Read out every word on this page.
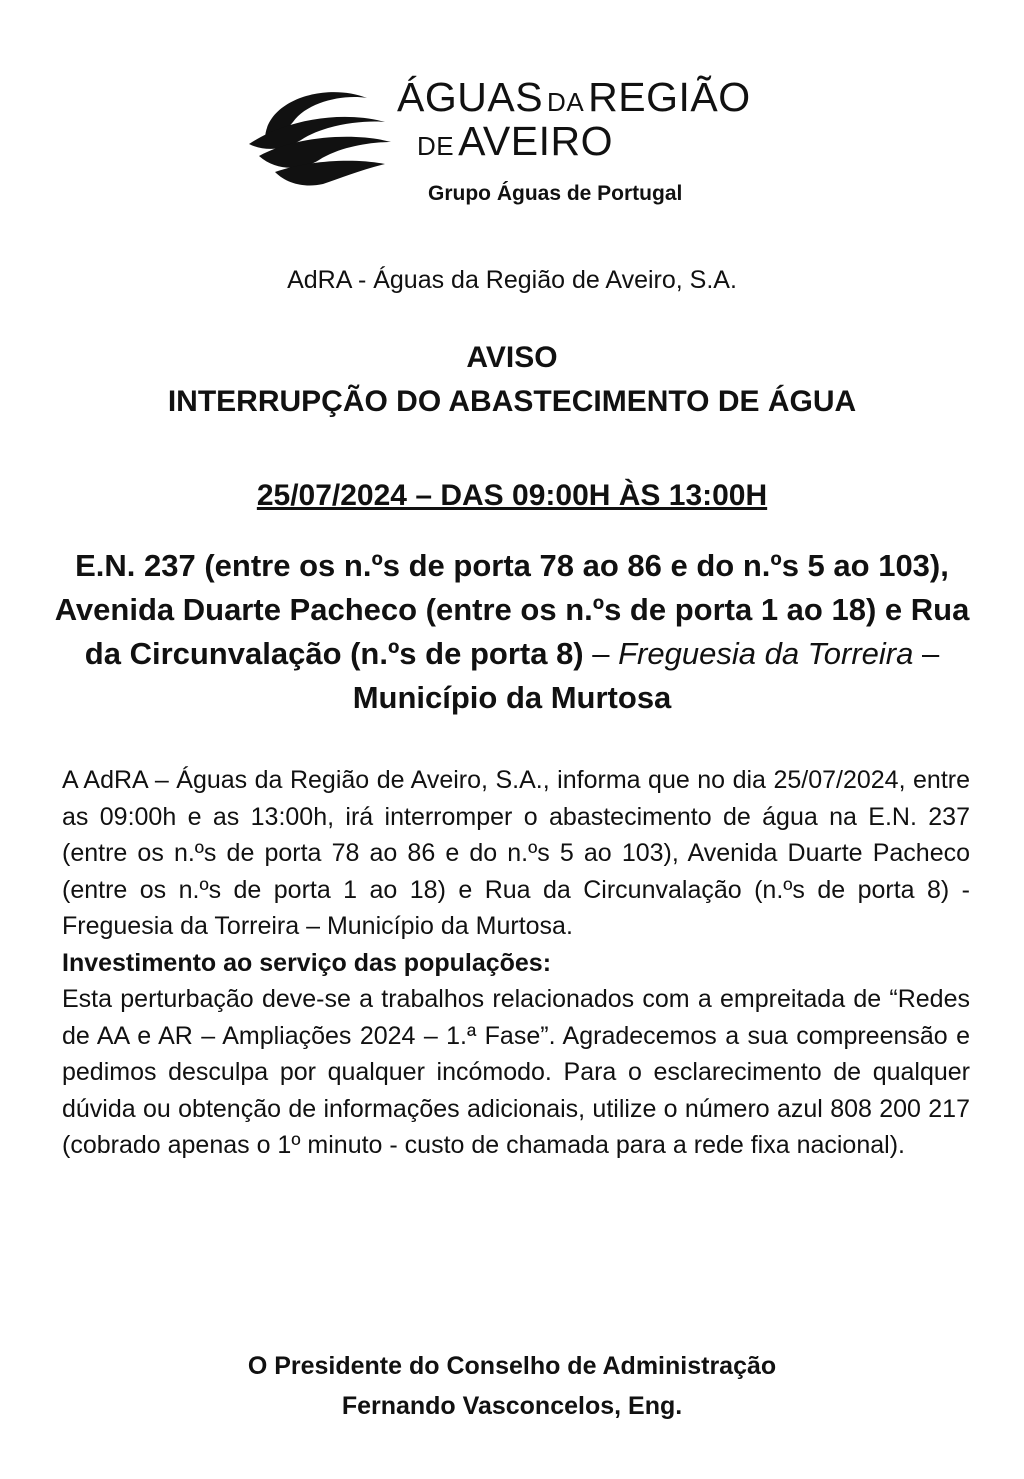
ÁGUAS DAREGIÃO
DEAVEIRO
Grupo Águas de Portugal
AdRA - Águas da Região de Aveiro, S.A.
AVISO
INTERRUPÇÃO DO ABASTECIMENTO DE ÁGUA
25/07/2024 – DAS 09:00H ÀS 13:00H
E.N. 237 (entre os n.ºs de porta 78 ao 86 e do n.ºs 5 ao 103), Avenida Duarte Pacheco (entre os n.ºs de porta 1 ao 18) e Rua da Circunvalação (n.ºs de porta 8) – Freguesia da Torreira – Município da Murtosa

A AdRA – Águas da Região de Aveiro, S.A., informa que no dia 25/07/2024, entre as 09:00h e as 13:00h, irá interromper o abastecimento de água na E.N. 237 (entre os n.ºs de porta 78 ao 86 e do n.ºs 5 ao 103), Avenida Duarte Pacheco (entre os n.ºs de porta 1 ao 18) e Rua da Circunvalação (n.ºs de porta 8) - Freguesia da Torreira – Município da Murtosa.

Investimento ao serviço das populações:

Esta perturbação deve-se a trabalhos relacionados com a empreitada de “Redes de AA e AR – Ampliações 2024 – 1.ª Fase”. Agradecemos a sua compreensão e pedimos desculpa por qualquer incómodo. Para o esclarecimento de qualquer dúvida ou obtenção de informações adicionais, utilize o número azul 808 200 217 (cobrado apenas o 1º minuto - custo de chamada para a rede fixa nacional).

O Presidente do Conselho de Administração
Fernando Vasconcelos, Eng.
